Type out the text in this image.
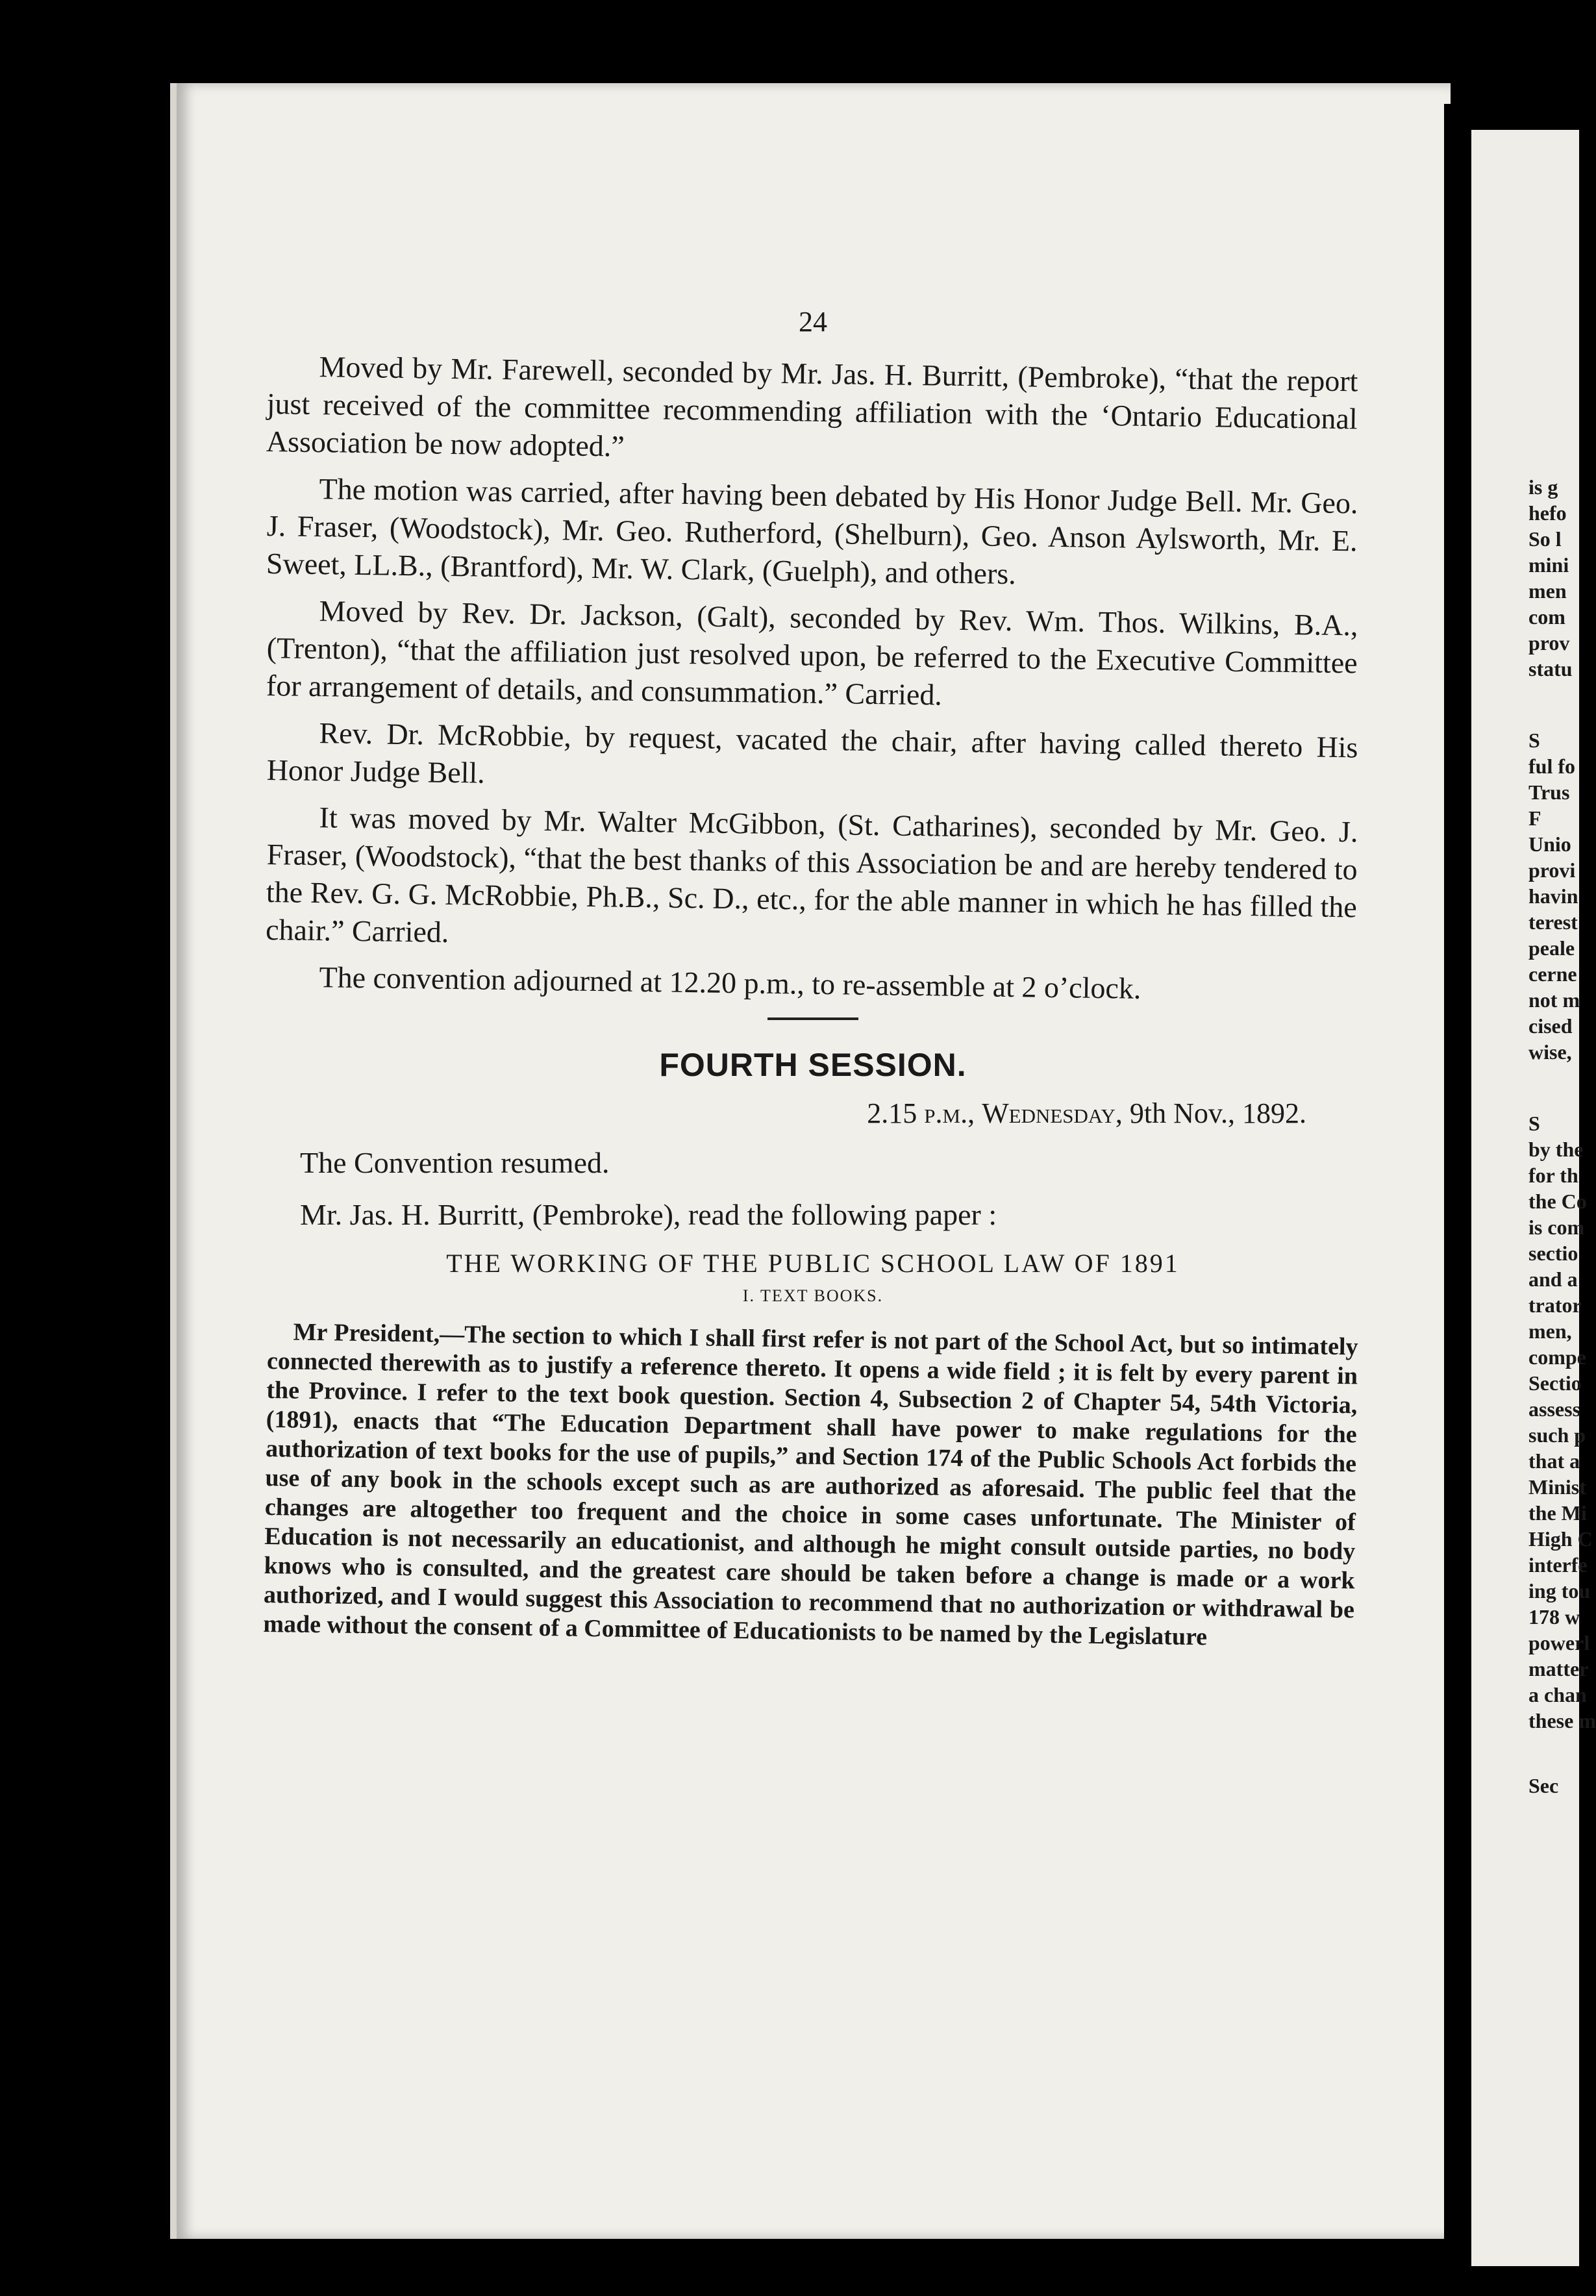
24

Moved by Mr. Farewell, seconded by Mr. Jas. H. Burritt, (Pembroke), “that the report just received of the committee recommending affiliation with the ‘Ontario Educational Association be now adopted.”

The motion was carried, after having been debated by His Honor Judge Bell. Mr. Geo. J. Fraser, (Woodstock), Mr. Geo. Rutherford, (Shelburn), Geo. Anson Aylsworth, Mr. E. Sweet, LL.B., (Brantford), Mr. W. Clark, (Guelph), and others.

Moved by Rev. Dr. Jackson, (Galt), seconded by Rev. Wm. Thos. Wilkins, B.A., (Trenton), “that the affiliation just resolved upon, be referred to the Executive Committee for arrangement of details, and consummation.” Carried.

Rev. Dr. McRobbie, by request, vacated the chair, after having called thereto His Honor Judge Bell.

It was moved by Mr. Walter McGibbon, (St. Catharines), seconded by Mr. Geo. J. Fraser, (Woodstock), “that the best thanks of this Association be and are hereby tendered to the Rev. G. G. McRobbie, Ph.B., Sc. D., etc., for the able manner in which he has filled the chair.” Carried.

The convention adjourned at 12.20 p.m., to re-assemble at 2 o’clock.

FOURTH SESSION.
2.15 p.m., Wednesday, 9th Nov., 1892.

The Convention resumed.

Mr. Jas. H. Burritt, (Pembroke), read the following paper :

THE WORKING OF THE PUBLIC SCHOOL LAW OF 1891
I. TEXT BOOKS.

Mr President,—The section to which I shall first refer is not part of the School Act, but so intimately connected therewith as to justify a reference thereto. It opens a wide field ; it is felt by every parent in the Province. I refer to the text book question. Section 4, Subsection 2 of Chapter 54, 54th Victoria, (1891), enacts that “The Education Department shall have power to make regulations for the authorization of text books for the use of pupils,” and Section 174 of the Public Schools Act forbids the use of any book in the schools except such as are authorized as aforesaid. The public feel that the changes are altogether too frequent and the choice in some cases unfortunate. The Minister of Education is not necessarily an educationist, and although he might consult outside parties, no body knows who is consulted, and the greatest care should be taken before a change is made or a work authorized, and I would suggest this Association to recommend that no authorization or withdrawal be made without the consent of a Committee of Educationists to be named by the Legislature

is g
hefo
So l
mini
men
com
prov
statu
S
ful fo
Trus
F
Unio
provi
havin
terest
peale
cerne
not m
cised
wise,
S
by the
for th
the Co
is com
sectio
and a
trator
men,
compe
Sectio
assess
such p
that a
Minist
the Mi
High C
interfe
ing tou
178 w
powerl
matter
a chan
these m
Sec
